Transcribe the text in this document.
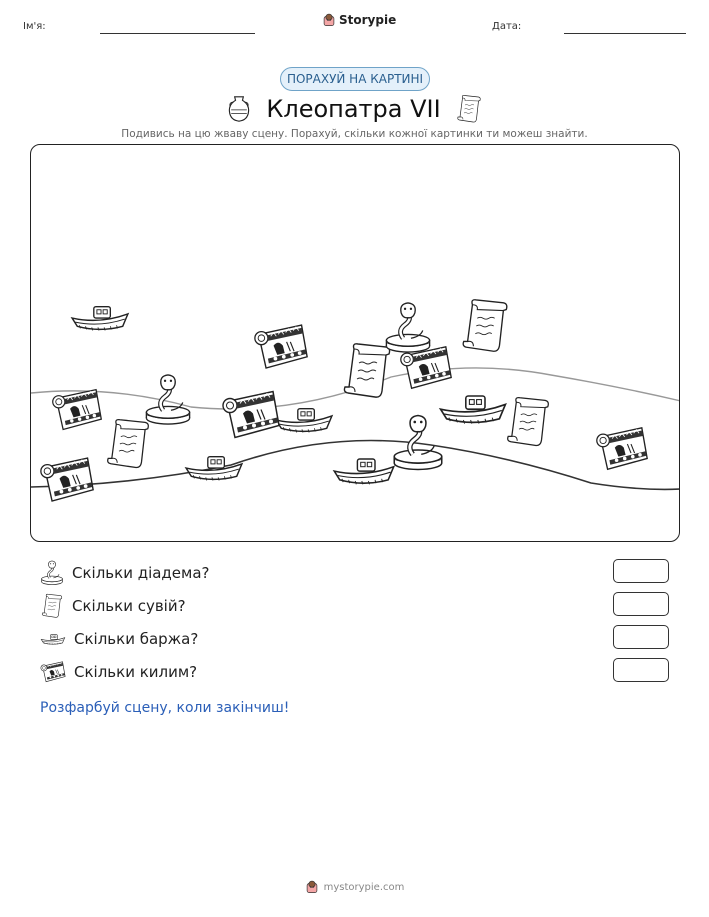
Ім'я:	Storypie	Дата:
ПОРАХУЙ НА КАРТИНІ
Клеопатра VII
Подивись на цю жваву сцену. Порахуй, скільки кожної картинки ти можеш знайти.
Скільки діадема?
Скільки сувій?
Скільки баржа?
Скільки килим?
Розфарбуй сцену, коли закінчиш!
mystorypie.com
